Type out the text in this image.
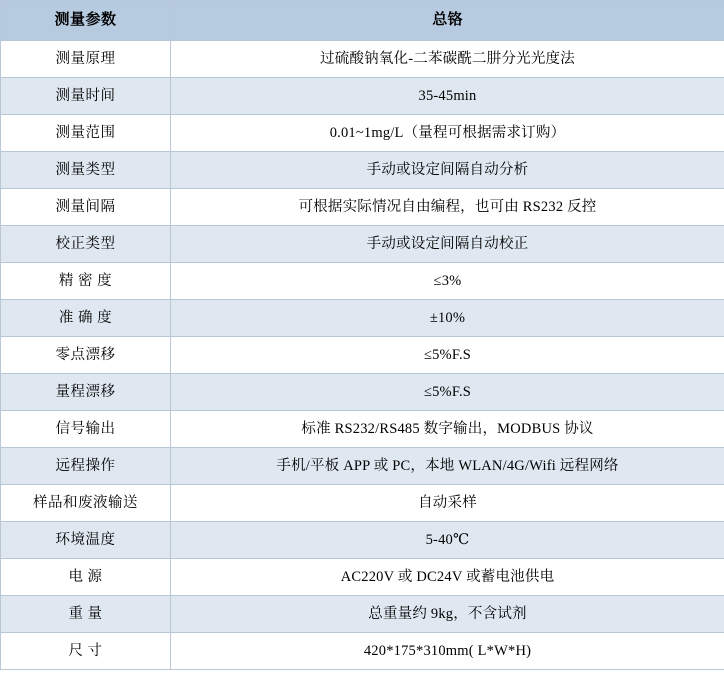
测量参数	总铬
测量原理	过硫酸钠氧化-二苯碳酰二肼分光光度法
测量时间	35-45min
测量范围	0.01~1mg/L（量程可根据需求订购）
测量类型	手动或设定间隔自动分析
测量间隔	可根据实际情况自由编程，也可由 RS232 反控
校正类型	手动或设定间隔自动校正
精 密 度	≤3%
准 确 度	±10%
零点漂移	≤5%F.S
量程漂移	≤5%F.S
信号输出	标准 RS232/RS485 数字输出，MODBUS 协议
远程操作	手机/平板 APP 或 PC，本地 WLAN/4G/Wifi 远程网络
样品和废液输送	自动采样
环境温度	5-40℃
电 源	AC220V 或 DC24V 或蓄电池供电
重 量	总重量约 9kg，不含试剂
尺 寸	420*175*310mm( L*W*H)
